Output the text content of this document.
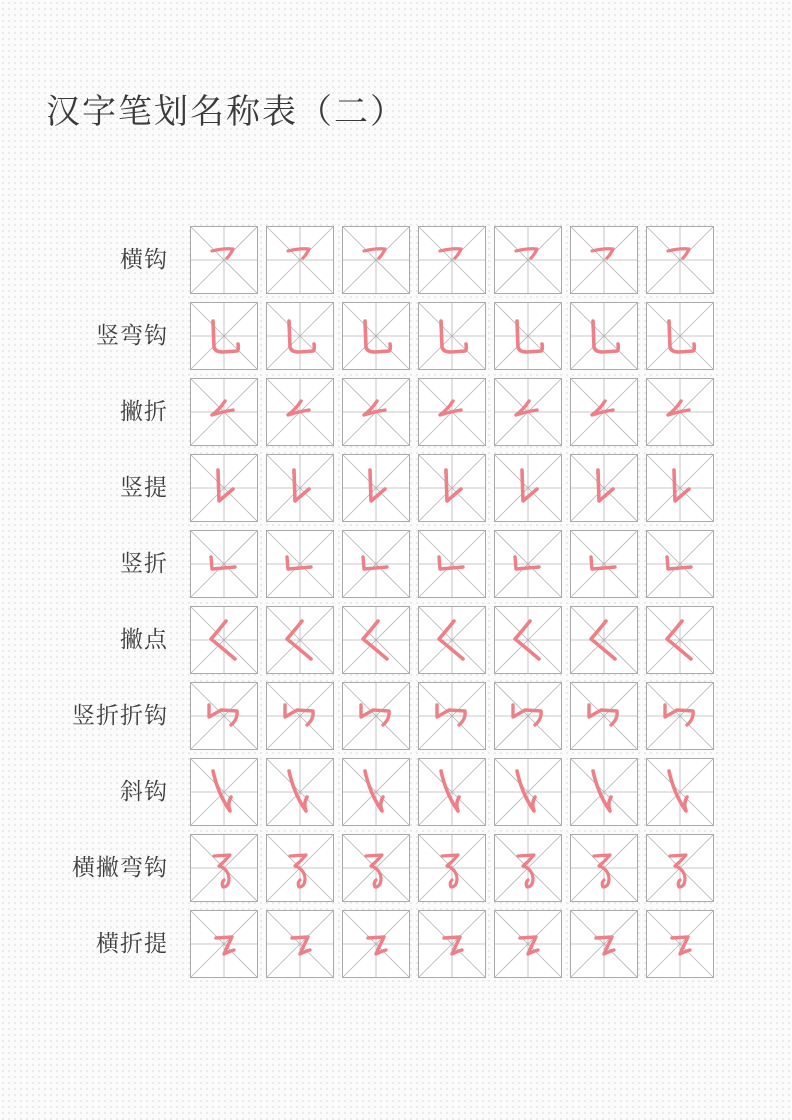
汉字笔划名称表（二）
横钩
竖弯钩
撇折
竖提
竖折
撇点
竖折折钩
斜钩
横撇弯钩
横折提
